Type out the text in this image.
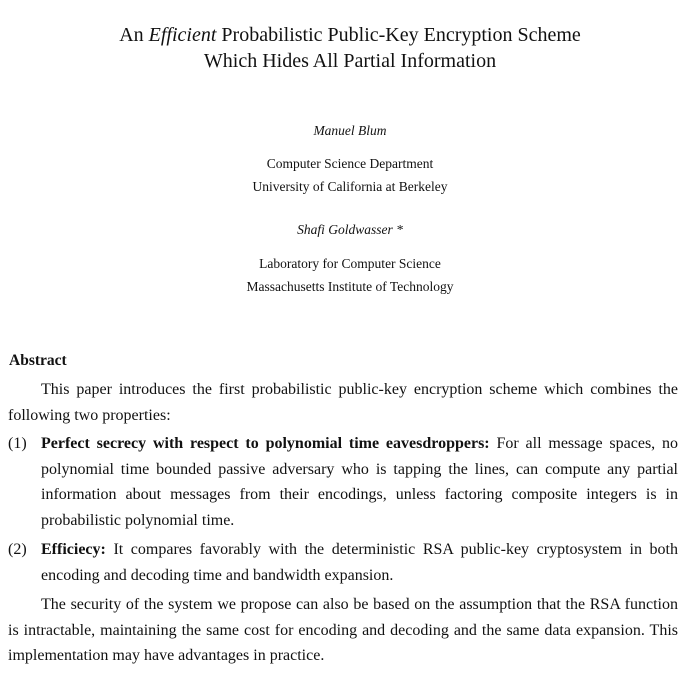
An Efficient Probabilistic Public-Key Encryption Scheme
Which Hides All Partial Information
Manuel Blum
Computer Science Department
University of California at Berkeley
Shafi Goldwasser *
Laboratory for Computer Science
Massachusetts Institute of Technology
Abstract
This paper introduces the first probabilistic public-key encryption scheme which combines the following two properties:
(1) Perfect secrecy with respect to polynomial time eavesdroppers: For all message spaces, no polynomial time bounded passive adversary who is tapping the lines, can compute any partial information about messages from their encodings, unless factoring composite integers is in probabilistic polynomial time.
(2) Efficiecy: It compares favorably with the deterministic RSA public-key cryptosystem in both encoding and decoding time and bandwidth expansion.
The security of the system we propose can also be based on the assumption that the RSA function is intractable, maintaining the same cost for encoding and decoding and the same data expansion. This implementation may have advantages in practice.
